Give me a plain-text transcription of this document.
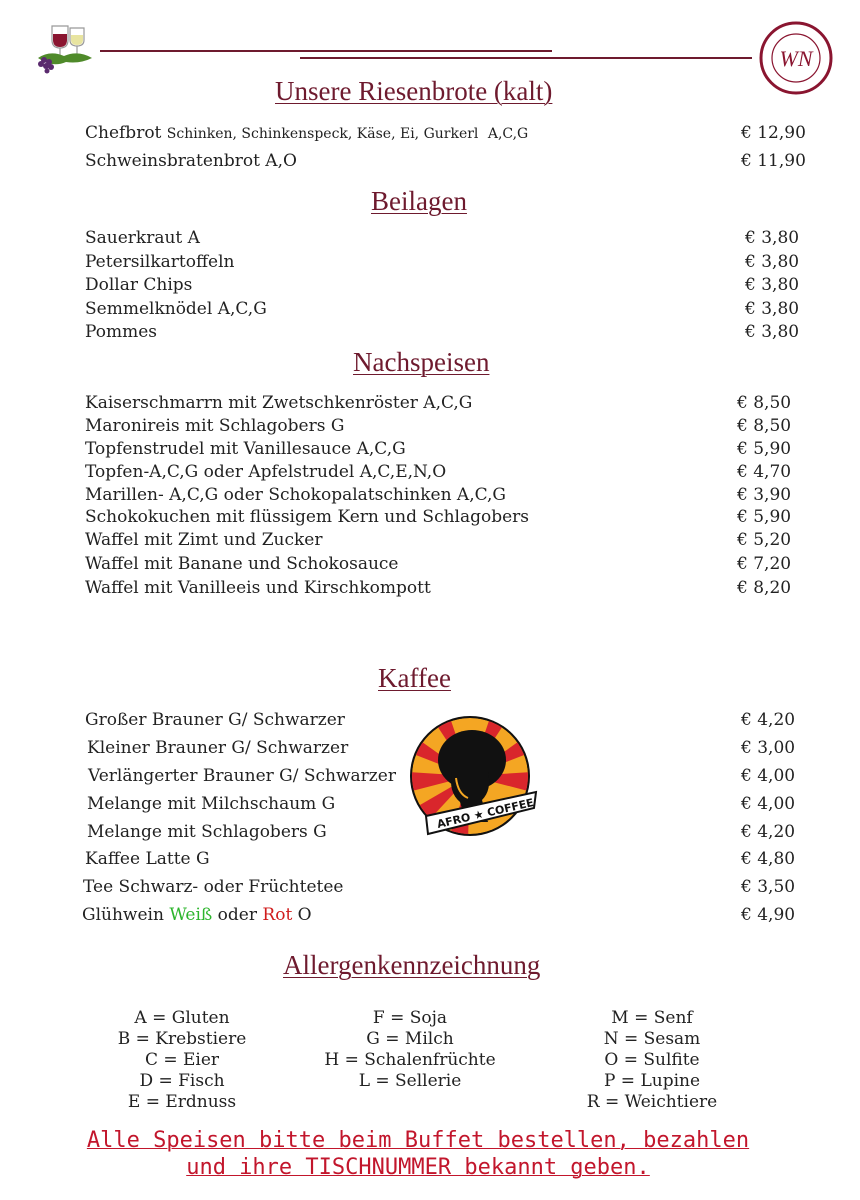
WN
Unsere Riesenbrote (kalt)
Chefbrot Schinken, Schinkenspeck, Käse, Ei, Gurkerl A,C,G	€ 12,90
Schweinsbratenbrot A,O	€ 11,90
Beilagen
Sauerkraut A	€ 3,80
Petersilkartoffeln	€ 3,80
Dollar Chips	€ 3,80
Semmelknödel A,C,G	€ 3,80
Pommes	€ 3,80
Nachspeisen
Kaiserschmarrn mit Zwetschkenröster A,C,G	€ 8,50
Maronireis mit Schlagobers G	€ 8,50
Topfenstrudel mit Vanillesauce A,C,G	€ 5,90
Topfen-A,C,G oder Apfelstrudel A,C,E,N,O	€ 4,70
Marillen- A,C,G oder Schokopalatschinken A,C,G	€ 3,90
Schokokuchen mit flüssigem Kern und Schlagobers	€ 5,90
Waffel mit Zimt und Zucker	€ 5,20
Waffel mit Banane und Schokosauce	€ 7,20
Waffel mit Vanilleeis und Kirschkompott	€ 8,20
Kaffee
Großer Brauner G/ Schwarzer	€ 4,20
Kleiner Brauner G/ Schwarzer	€ 3,00
Verlängerter Brauner G/ Schwarzer	€ 4,00
Melange mit Milchschaum G	€ 4,00
Melange mit Schlagobers G	€ 4,20
Kaffee Latte G	€ 4,80
Tee Schwarz- oder Früchtetee	€ 3,50
Glühwein Weiß oder Rot O	€ 4,90
AFRO ★ COFFEE
Allergenkennzeichnung
A = Gluten
B = Krebstiere
C = Eier
D = Fisch
E = Erdnuss
F = Soja
G = Milch
H = Schalenfrüchte
L = Sellerie
M = Senf
N = Sesam
O = Sulfite
P = Lupine
R = Weichtiere
Alle Speisen bitte beim Buffet bestellen, bezahlen
und ihre TISCHNUMMER bekannt geben.
